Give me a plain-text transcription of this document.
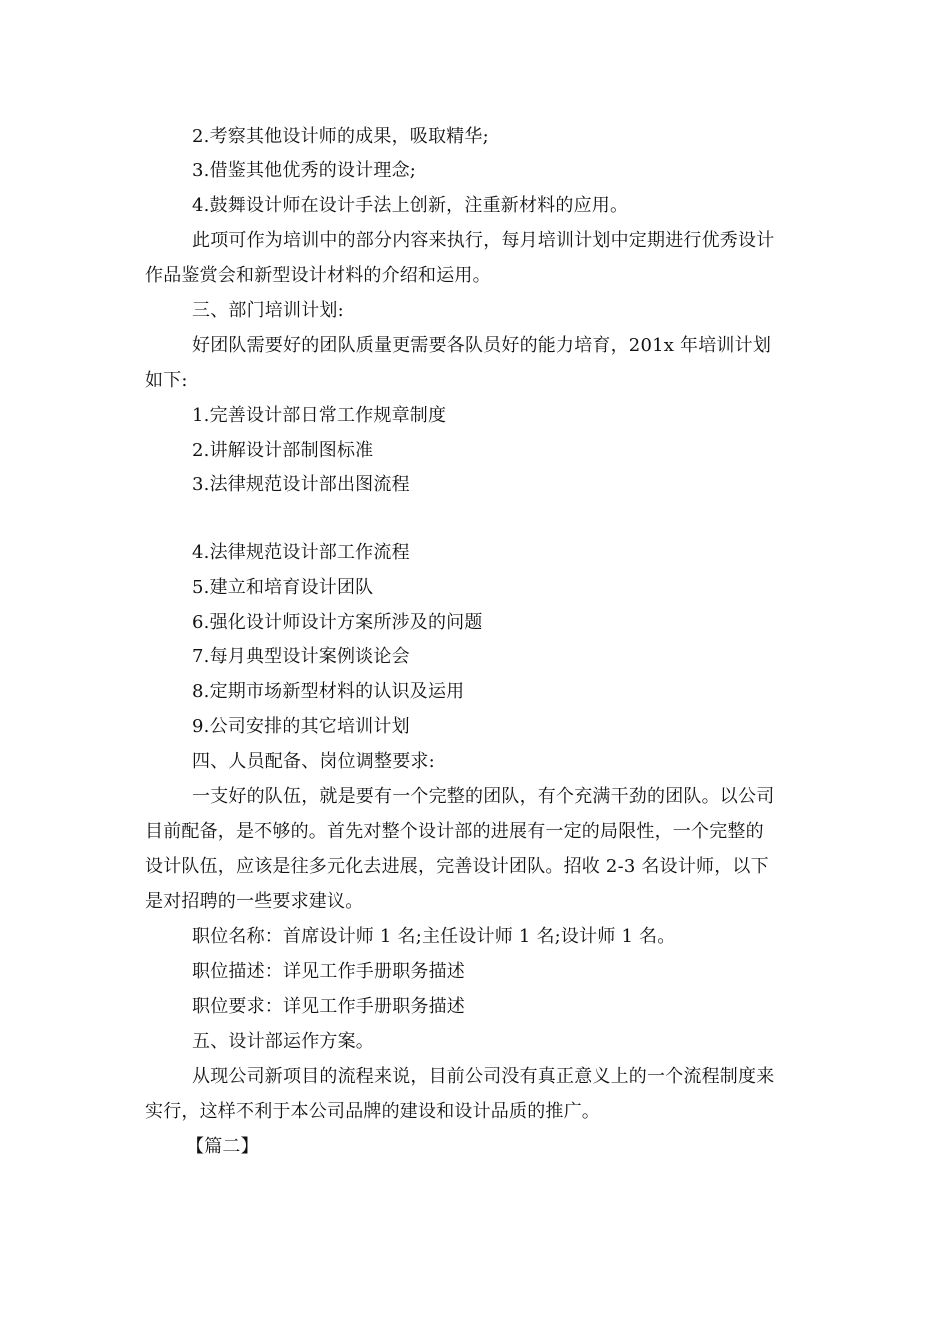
2.考察其他设计师的成果，吸取精华;
3.借鉴其他优秀的设计理念;
4.鼓舞设计师在设计手法上创新，注重新材料的应用。
此项可作为培训中的部分内容来执行，每月培训计划中定期进行优秀设计
作品鉴赏会和新型设计材料的介绍和运用。
三、部门培训计划:
好团队需要好的团队质量更需要各队员好的能力培育，201x 年培训计划
如下:
1.完善设计部日常工作规章制度
2.讲解设计部制图标准
3.法律规范设计部出图流程
4.法律规范设计部工作流程
5.建立和培育设计团队
6.强化设计师设计方案所涉及的问题
7.每月典型设计案例谈论会
8.定期市场新型材料的认识及运用
9.公司安排的其它培训计划
四、人员配备、岗位调整要求:
一支好的队伍，就是要有一个完整的团队，有个充满干劲的团队。以公司
目前配备，是不够的。首先对整个设计部的进展有一定的局限性，一个完整的
设计队伍，应该是往多元化去进展，完善设计团队。招收 2-3 名设计师，以下
是对招聘的一些要求建议。
职位名称：首席设计师 1 名;主任设计师 1 名;设计师 1 名。
职位描述：详见工作手册职务描述
职位要求：详见工作手册职务描述
五、设计部运作方案。
从现公司新项目的流程来说，目前公司没有真正意义上的一个流程制度来
实行，这样不利于本公司品牌的建设和设计品质的推广。
【篇二】
